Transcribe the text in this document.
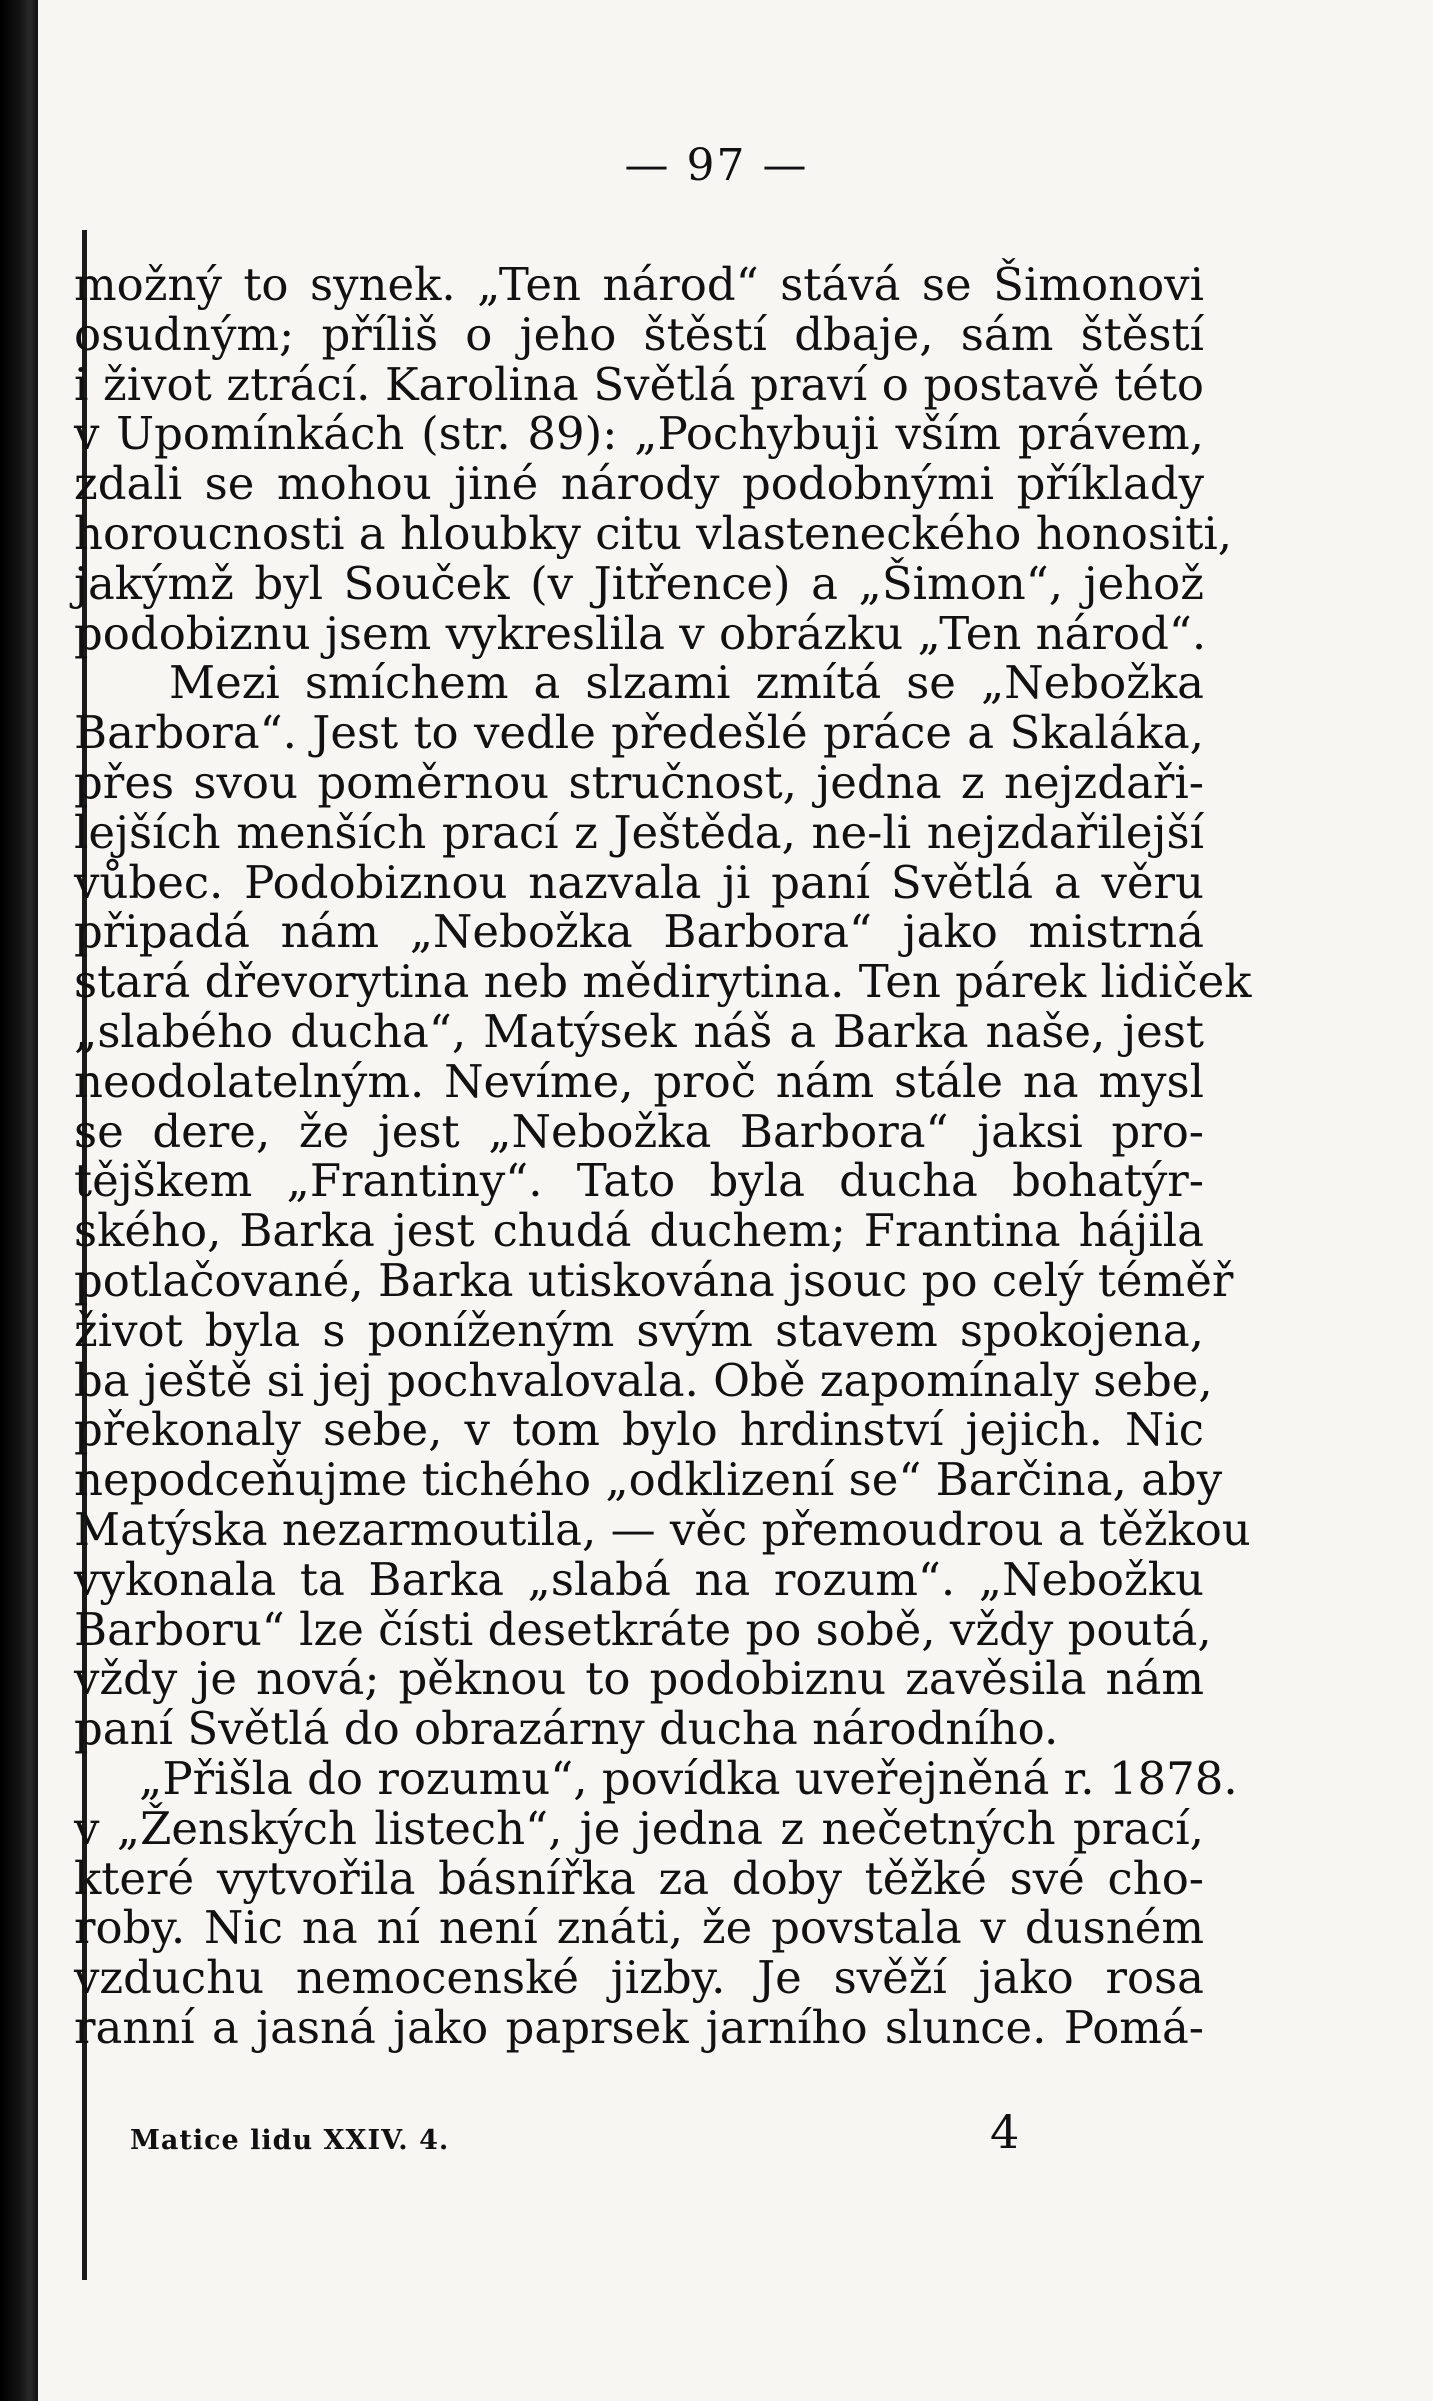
— 97 —
možný to synek. „Ten národ“ stává se Šimonovi
osudným; příliš o jeho štěstí dbaje, sám štěstí
i život ztrácí. Karolina Světlá praví o postavě této
v Upomínkách (str. 89): „Pochybuji vším právem,
zdali se mohou jiné národy podobnými příklady
horoucnosti a hloubky citu vlasteneckého honositi,
jakýmž byl Souček (v Jitřence) a „Šimon“, jehož
podobiznu jsem vykreslila v obrázku „Ten národ“.
Mezi smíchem a slzami zmítá se „Nebožka
Barbora“. Jest to vedle předešlé práce a Skaláka,
přes svou poměrnou stručnost, jedna z nejzdaři-
lejších menších prací z Ještěda, ne-li nejzdařilejší
vůbec. Podobiznou nazvala ji paní Světlá a věru
připadá nám „Nebožka Barbora“ jako mistrná
stará dřevorytina neb mědirytina. Ten párek lidiček
„slabého ducha“, Matýsek náš a Barka naše, jest
neodolatelným. Nevíme, proč nám stále na mysl
se dere, že jest „Nebožka Barbora“ jaksi pro-
tějškem „Frantiny“. Tato byla ducha bohatýr-
ského, Barka jest chudá duchem; Frantina hájila
potlačované, Barka utiskována jsouc po celý téměř
život byla s poníženým svým stavem spokojena,
ba ještě si jej pochvalovala. Obě zapomínaly sebe,
překonaly sebe, v tom bylo hrdinství jejich. Nic
nepodceňujme tichého „odklizení se“ Barčina, aby
Matýska nezarmoutila, — věc přemoudrou a těžkou
vykonala ta Barka „slabá na rozum“. „Nebožku
Barboru“ lze čísti desetkráte po sobě, vždy poutá,
vždy je nová; pěknou to podobiznu zavěsila nám
paní Světlá do obrazárny ducha národního.
„Přišla do rozumu“, povídka uveřejněná r. 1878.
v „Ženských listech“, je jedna z nečetných prací,
které vytvořila básnířka za doby těžké své cho-
roby. Nic na ní není znáti, že povstala v dusném
vzduchu nemocenské jizby. Je svěží jako rosa
ranní a jasná jako paprsek jarního slunce. Pomá-
Matice lidu XXIV. 4.	4
